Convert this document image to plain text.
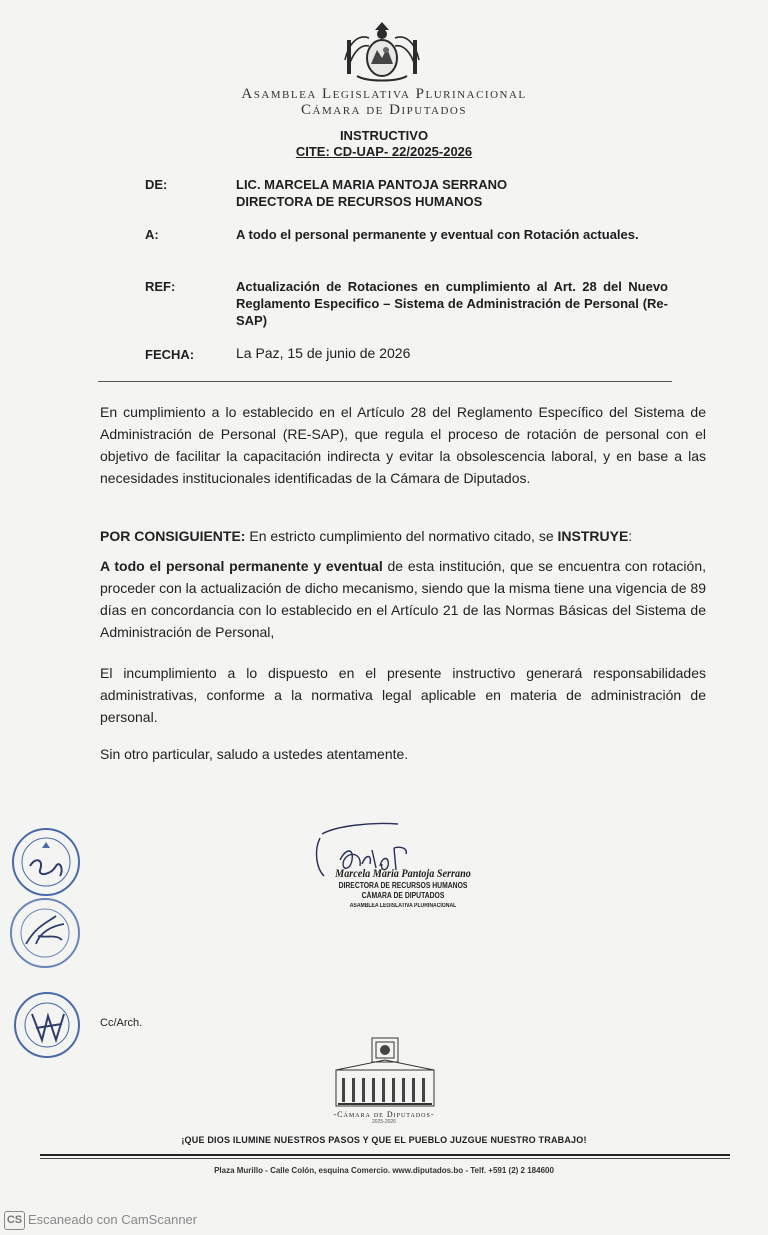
Asamblea Legislativa Plurinacional
Cámara de Diputados
INSTRUCTIVO
CITE: CD-UAP- 22/2025-2026
DE:	LIC. MARCELA MARIA PANTOJA SERRANO
DIRECTORA DE RECURSOS HUMANOS
A:	A todo el personal permanente y eventual con Rotación actuales.
REF:	Actualización de Rotaciones en cumplimiento al Art. 28 del Nuevo Reglamento Especifico – Sistema de Administración de Personal (Re-SAP)
FECHA:	La Paz, 15 de junio de 2026
En cumplimiento a lo establecido en el Artículo 28 del Reglamento Específico del Sistema de Administración de Personal (RE-SAP), que regula el proceso de rotación de personal con el objetivo de facilitar la capacitación indirecta y evitar la obsolescencia laboral, y en base a las necesidades institucionales identificadas de la Cámara de Diputados.
POR CONSIGUIENTE: En estricto cumplimiento del normativo citado, se INSTRUYE:
A todo el personal permanente y eventual de esta institución, que se encuentra con rotación, proceder con la actualización de dicho mecanismo, siendo que la misma tiene una vigencia de 89 días en concordancia con lo establecido en el Artículo 21 de las Normas Básicas del Sistema de Administración de Personal,
El incumplimiento a lo dispuesto en el presente instructivo generará responsabilidades administrativas, conforme a la normativa legal aplicable en materia de administración de personal.
Sin otro particular, saludo a ustedes atentamente.
Marcela Maria Pantoja Serrano
DIRECTORA DE RECURSOS HUMANOS
CÁMARA DE DIPUTADOS
ASAMBLEA LEGISLATIVA PLURINACIONAL
Cc/Arch.
-Cámara de Diputados-
2025-2026
¡QUE DIOS ILUMINE NUESTROS PASOS Y QUE EL PUEBLO JUZGUE NUESTRO TRABAJO!
Plaza Murillo - Calle Colón, esquina Comercio. www.diputados.bo - Telf. +591 (2) 2 184600
CS Escaneado con CamScanner
